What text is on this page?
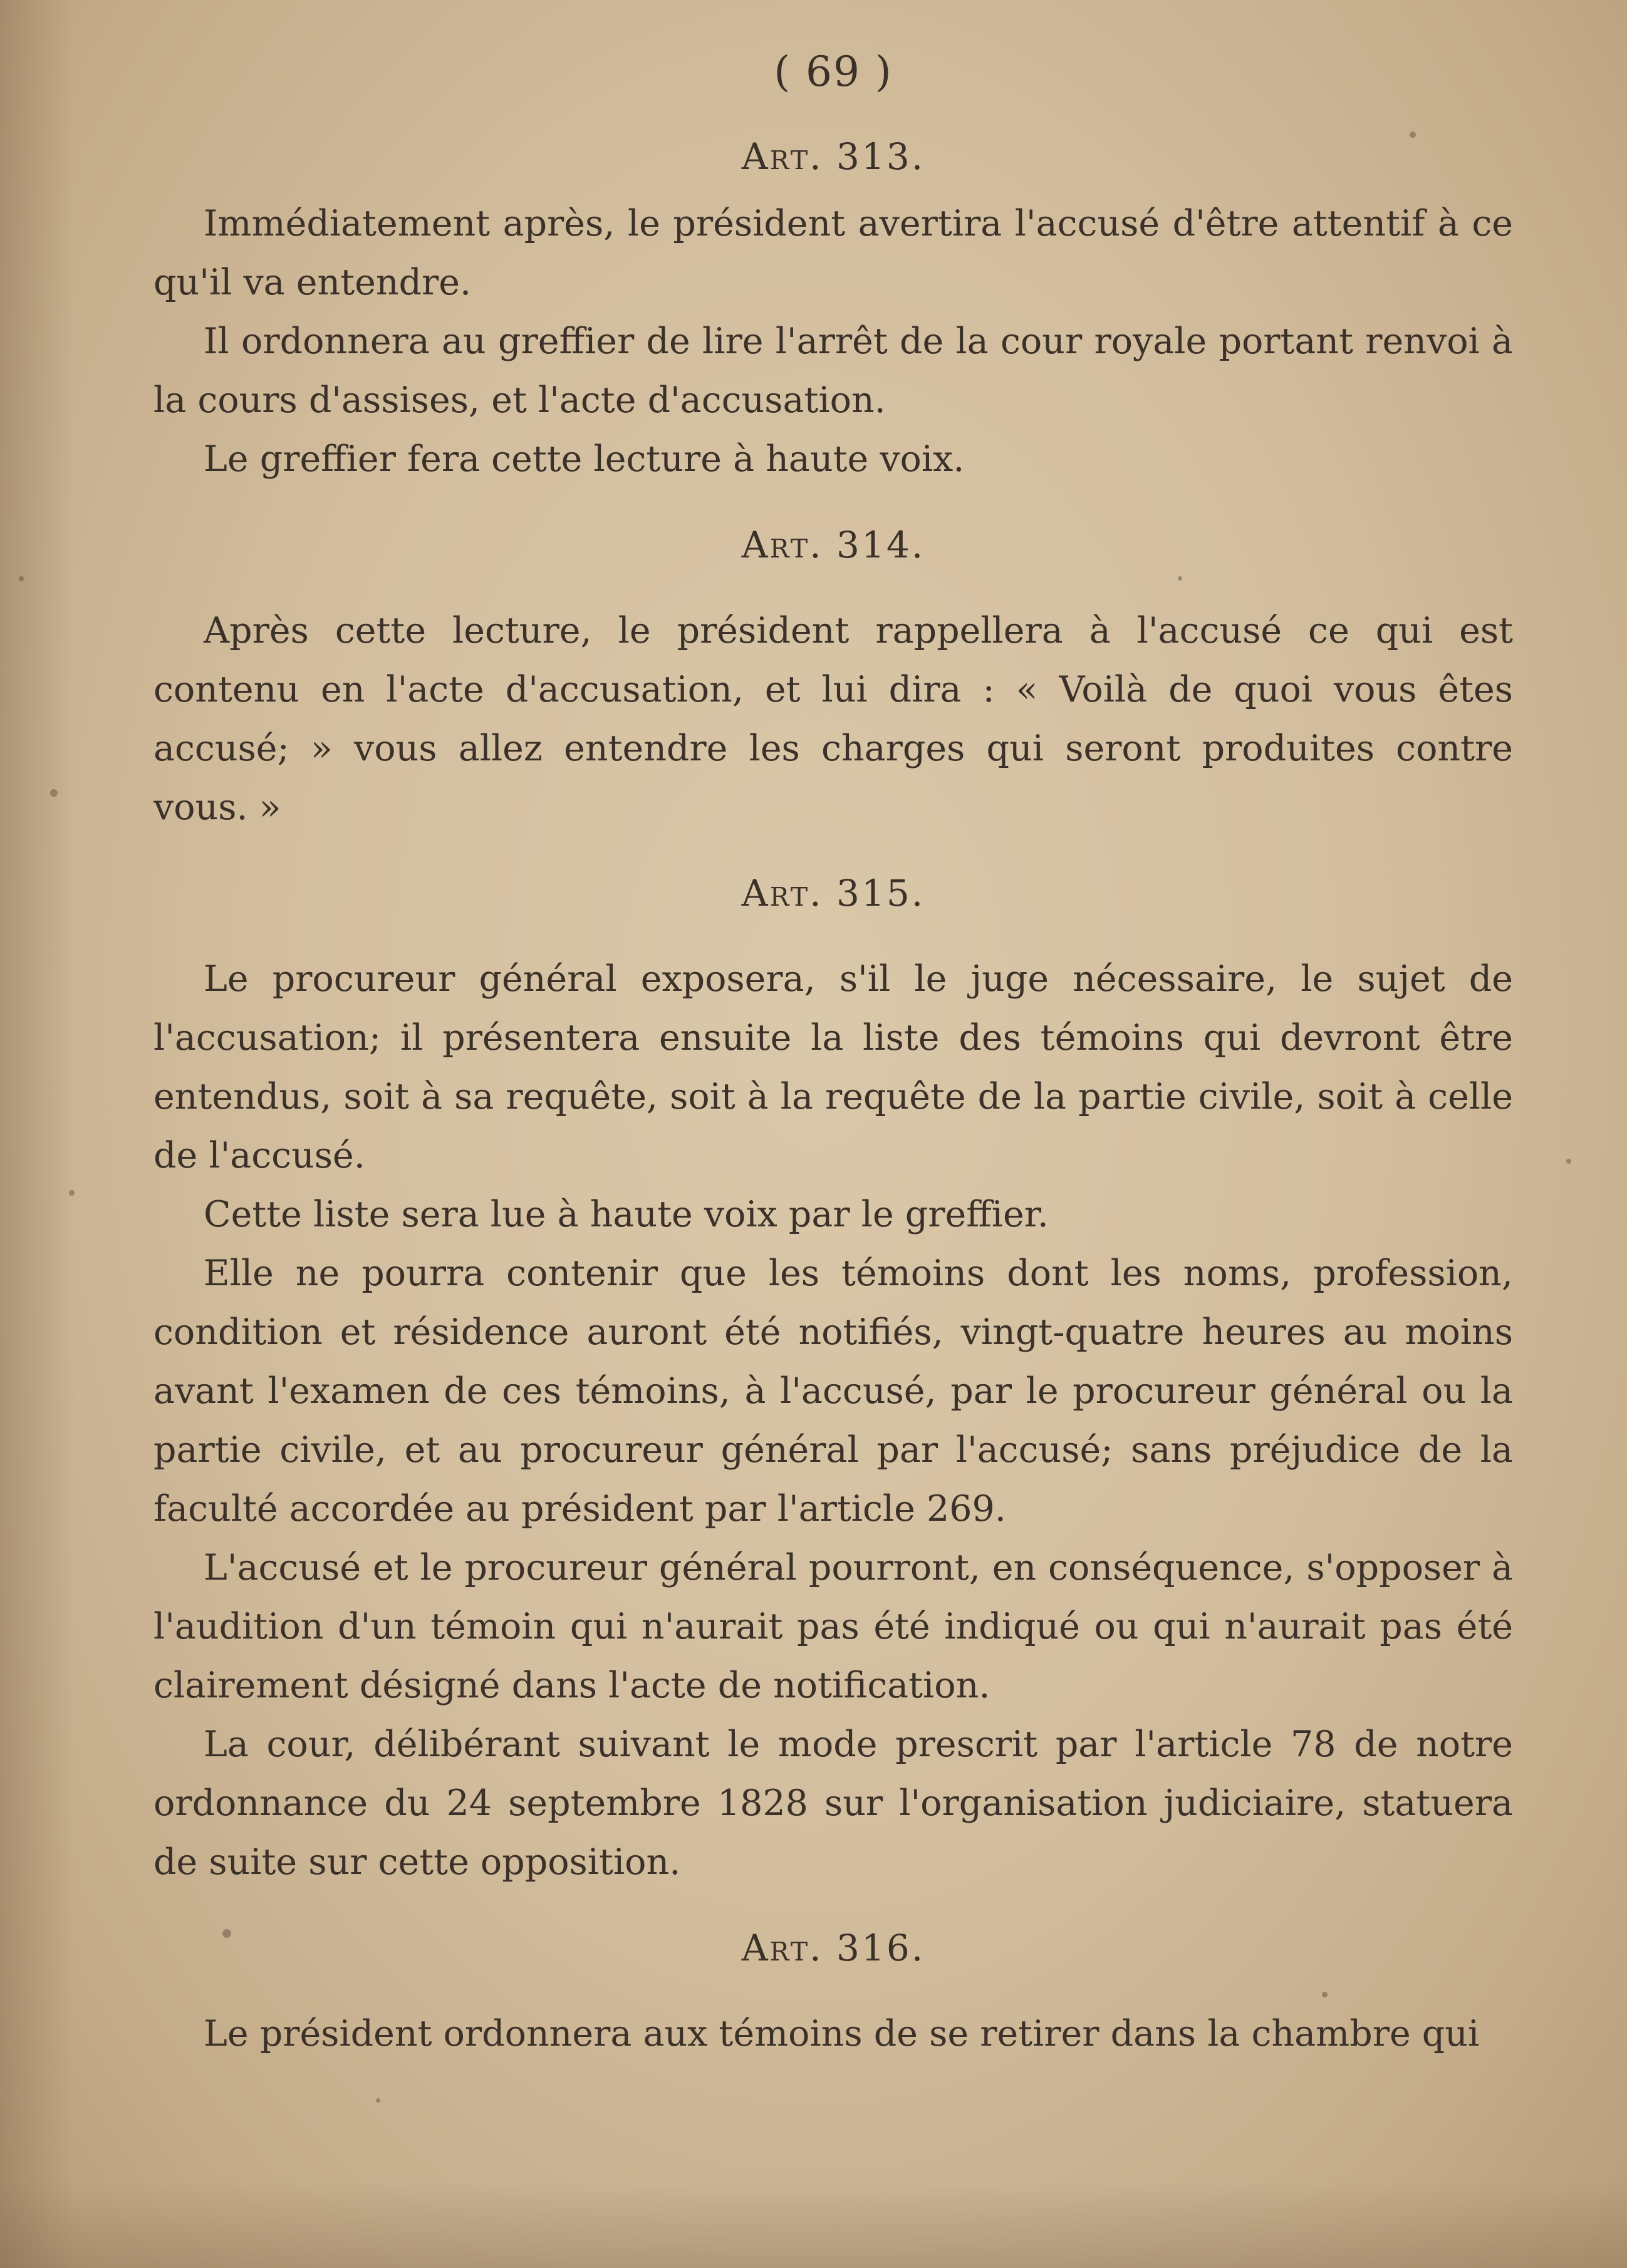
( 69 )
Art. 313.

Immédiatement après, le président avertira l'accusé d'être attentif à ce qu'il va entendre.

Il ordonnera au greffier de lire l'arrêt de la cour royale portant renvoi à la cours d'assises, et l'acte d'accusation.

Le greffier fera cette lecture à haute voix.

Art. 314.

Après cette lecture, le président rappellera à l'accusé ce qui est contenu en l'acte d'accusation, et lui dira : « Voilà de quoi vous êtes accusé; » vous allez entendre les charges qui seront produites contre vous. »

Art. 315.

Le procureur général exposera, s'il le juge nécessaire, le sujet de l'accusation; il présentera ensuite la liste des témoins qui devront être entendus, soit à sa requête, soit à la requête de la partie civile, soit à celle de l'accusé.

Cette liste sera lue à haute voix par le greffier.

Elle ne pourra contenir que les témoins dont les noms, profession, condition et résidence auront été notifiés, vingt-quatre heures au moins avant l'examen de ces témoins, à l'accusé, par le procureur général ou la partie civile, et au procureur général par l'accusé; sans préjudice de la faculté accordée au président par l'article 269.

L'accusé et le procureur général pourront, en conséquence, s'opposer à l'audition d'un témoin qui n'aurait pas été indiqué ou qui n'aurait pas été clairement désigné dans l'acte de notification.

La cour, délibérant suivant le mode prescrit par l'article 78 de notre ordonnance du 24 septembre 1828 sur l'organisation judiciaire, statuera de suite sur cette opposition.

Art. 316.

Le président ordonnera aux témoins de se retirer dans la chambre qui
